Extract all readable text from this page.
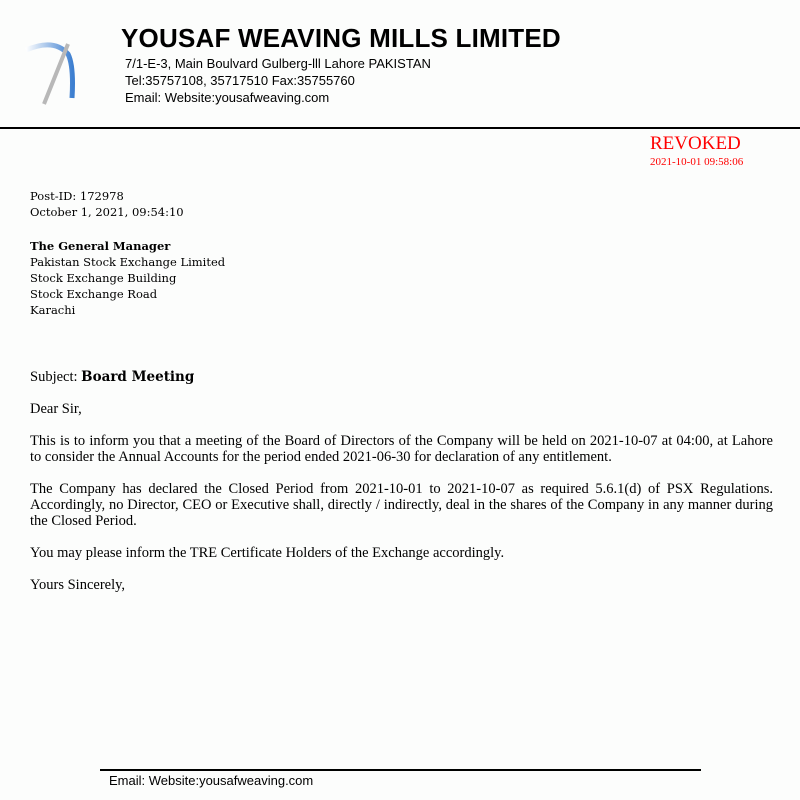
YOUSAF WEAVING MILLS LIMITED
7/1-E-3, Main Boulvard Gulberg-lll Lahore PAKISTAN
Tel:35757108, 35717510 Fax:35755760
Email: Website:yousafweaving.com
REVOKED
2021-10-01 09:58:06
Post-ID: 172978
October 1, 2021, 09:54:10
The General Manager
Pakistan Stock Exchange Limited
Stock Exchange Building
Stock Exchange Road
Karachi
Subject: Board Meeting
Dear Sir,
This is to inform you that a meeting of the Board of Directors of the Company will be held on 2021-10-07 at 04:00, at Lahore to consider the Annual Accounts for the period ended 2021-06-30 for declaration of any entitlement.
The Company has declared the Closed Period from 2021-10-01 to 2021-10-07 as required 5.6.1(d) of PSX Regulations. Accordingly, no Director, CEO or Executive shall, directly / indirectly, deal in the shares of the Company in any manner during the Closed Period.
You may please inform the TRE Certificate Holders of the Exchange accordingly.
Yours Sincerely,
Email: Website:yousafweaving.com
